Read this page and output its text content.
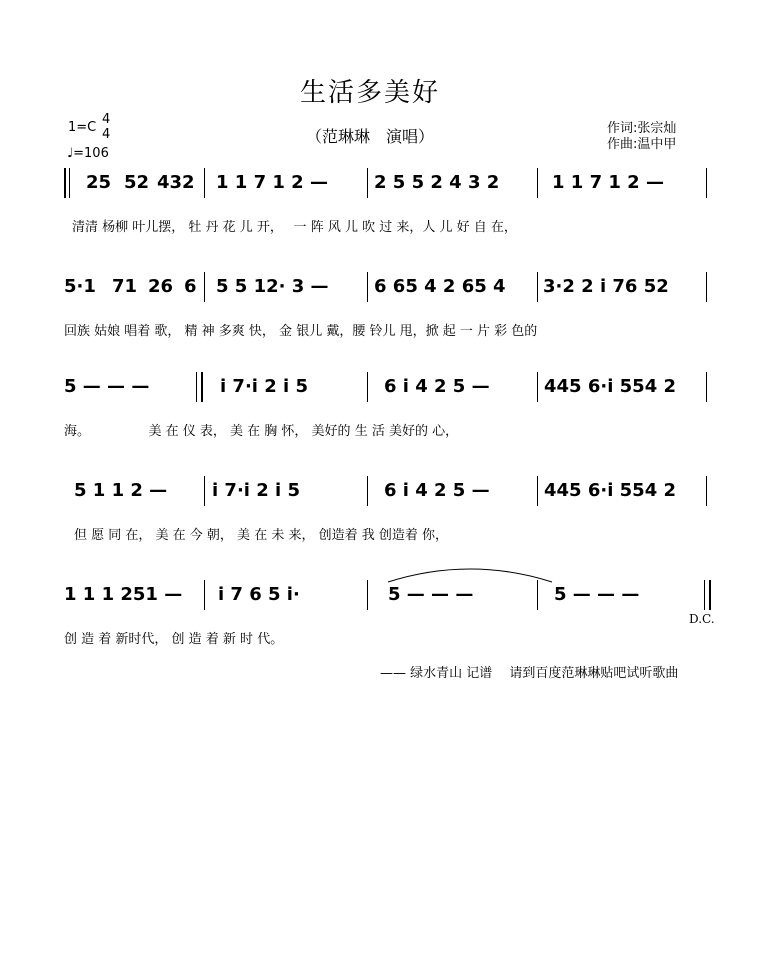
生活多美好
（范琳琳　演唱）
1=C
4
4
♩=106
作词:张宗灿
作曲:温中甲
25 52 432 1 1 7 1 2 —	2 5 5 2 4 3 2	1 1 7 1 2 —
清清 杨柳 叶儿摆， 牡 丹 花 儿 开，　 一 阵 风 儿 吹 过 来，人 儿 好 自 在，
5·1 71 26 6 5 5 12· 3 —	6 65 4 2 65 4 3·2 2 i 76 52
回族 姑娘 唱着 歌， 精 神 多爽 快， 金 银儿 戴，腰 铃儿 甩，掀 起 一 片 彩 色的
5 — — —	i 7·i 2 i 5	6 i 4 2 5 —	445 6·i 554 2
海。　　　　　美 在 仪 表， 美 在 胸 怀， 美好的 生 活 美好的 心，
5 1 1 2 — i 7·i 2 i 5	6 i 4 2 5 —	445 6·i 554 2
但 愿 同 在， 美 在 今 朝， 美 在 未 来， 创造着 我 创造着 你，
1 1 1 251 — i 7 6 5 i·	5 — — —	5 — — —
创 造 着 新时代， 创 造 着 新 时 代。
D.C.
—— 绿水青山 记谱　 请到百度范琳琳贴吧试听歌曲
